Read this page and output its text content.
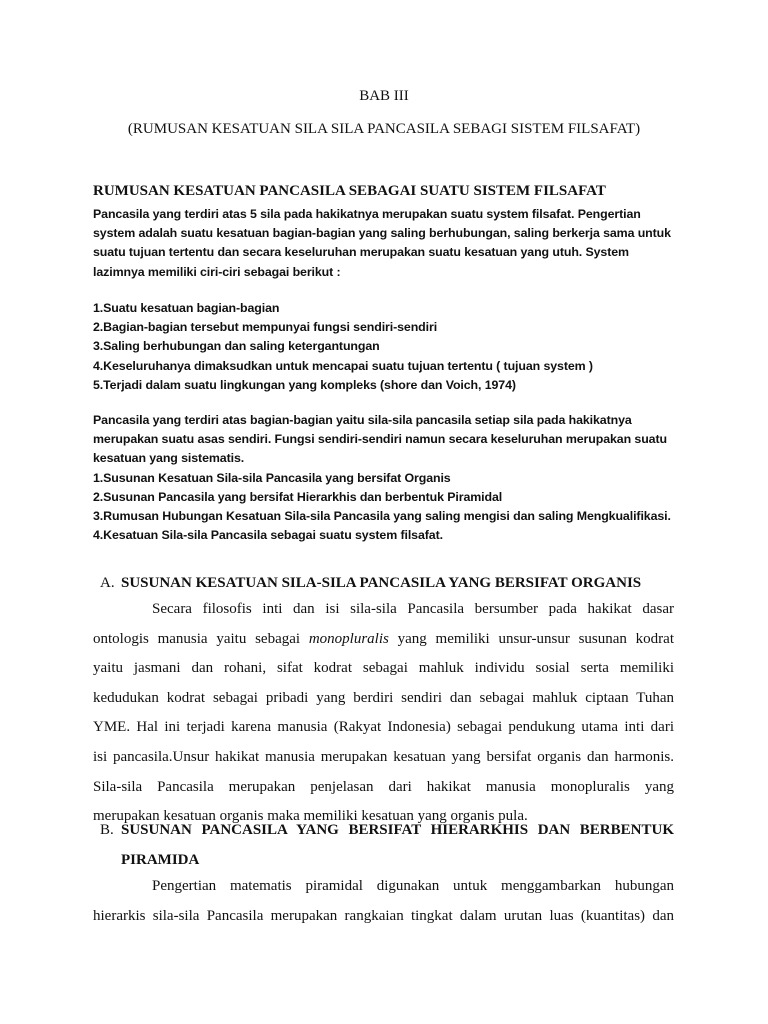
BAB III
(RUMUSAN KESATUAN SILA SILA PANCASILA SEBAGI SISTEM FILSAFAT)
RUMUSAN KESATUAN PANCASILA SEBAGAI SUATU SISTEM FILSAFAT
Pancasila yang terdiri atas 5 sila pada hakikatnya merupakan suatu system filsafat. Pengertian
system adalah suatu kesatuan bagian-bagian yang saling berhubungan, saling berkerja sama untuk
suatu tujuan tertentu dan secara keseluruhan merupakan suatu kesatuan yang utuh. System
lazimnya memiliki ciri-ciri sebagai berikut :
1.Suatu kesatuan bagian-bagian
2.Bagian-bagian tersebut mempunyai fungsi sendiri-sendiri
3.Saling berhubungan dan saling ketergantungan
4.Keseluruhanya dimaksudkan untuk mencapai suatu tujuan tertentu ( tujuan system )
5.Terjadi dalam suatu lingkungan yang kompleks (shore dan Voich, 1974)
Pancasila yang terdiri atas bagian-bagian yaitu sila-sila pancasila setiap sila pada hakikatnya
merupakan suatu asas sendiri. Fungsi sendiri-sendiri namun secara keseluruhan merupakan suatu
kesatuan yang sistematis.
1.Susunan Kesatuan Sila-sila Pancasila yang bersifat Organis
2.Susunan Pancasila yang bersifat Hierarkhis dan berbentuk Piramidal
3.Rumusan Hubungan Kesatuan Sila-sila Pancasila yang saling mengisi dan saling Mengkualifikasi.
4.Kesatuan Sila-sila Pancasila sebagai suatu system filsafat.
A. SUSUNAN KESATUAN SILA-SILA PANCASILA YANG BERSIFAT ORGANIS
Secara filosofis inti dan isi sila-sila Pancasila bersumber pada hakikat dasar
ontologis manusia yaitu sebagai monopluralis yang memiliki unsur-unsur susunan kodrat
yaitu jasmani dan rohani, sifat kodrat sebagai mahluk individu sosial serta memiliki
kedudukan kodrat sebagai pribadi yang berdiri sendiri dan sebagai mahluk ciptaan Tuhan
YME. Hal ini terjadi karena manusia (Rakyat Indonesia) sebagai pendukung utama inti dari
isi pancasila.Unsur hakikat manusia merupakan kesatuan yang bersifat organis dan harmonis.
Sila-sila Pancasila merupakan penjelasan dari hakikat manusia monopluralis yang
merupakan kesatuan organis maka memiliki kesatuan yang organis pula.
B. SUSUNAN PANCASILA YANG BERSIFAT HIERARKHIS DAN BERBENTUK
PIRAMIDA
Pengertian matematis piramidal digunakan untuk menggambarkan hubungan
hierarkis sila-sila Pancasila merupakan rangkaian tingkat dalam urutan luas (kuantitas) dan
